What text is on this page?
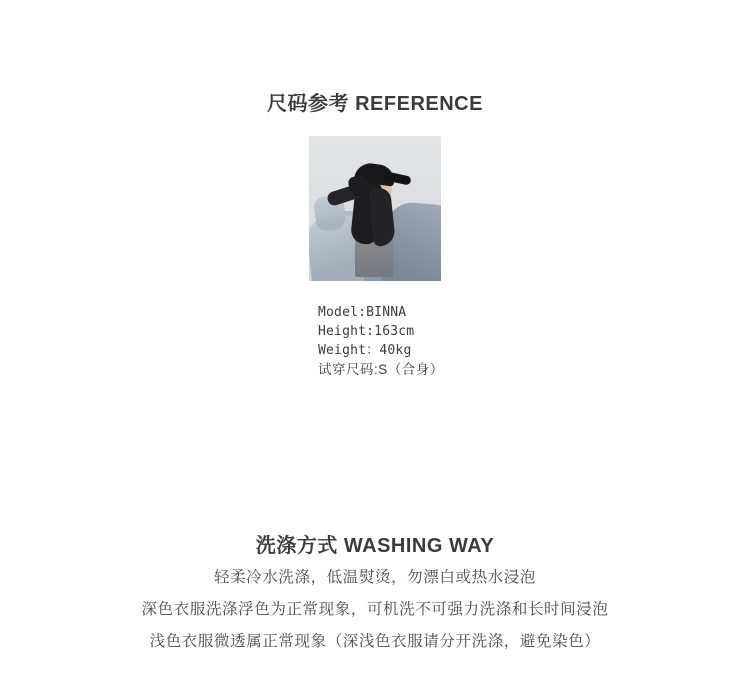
尺码参考 REFERENCE
Model:BINNA
Height:163cm
Weight：40kg
试穿尺码:S（合身）
洗涤方式 WASHING WAY
轻柔冷水洗涤，低温熨烫，勿漂白或热水浸泡
深色衣服洗涤浮色为正常现象，可机洗不可强力洗涤和长时间浸泡
浅色衣服微透属正常现象（深浅色衣服请分开洗涤，避免染色）
